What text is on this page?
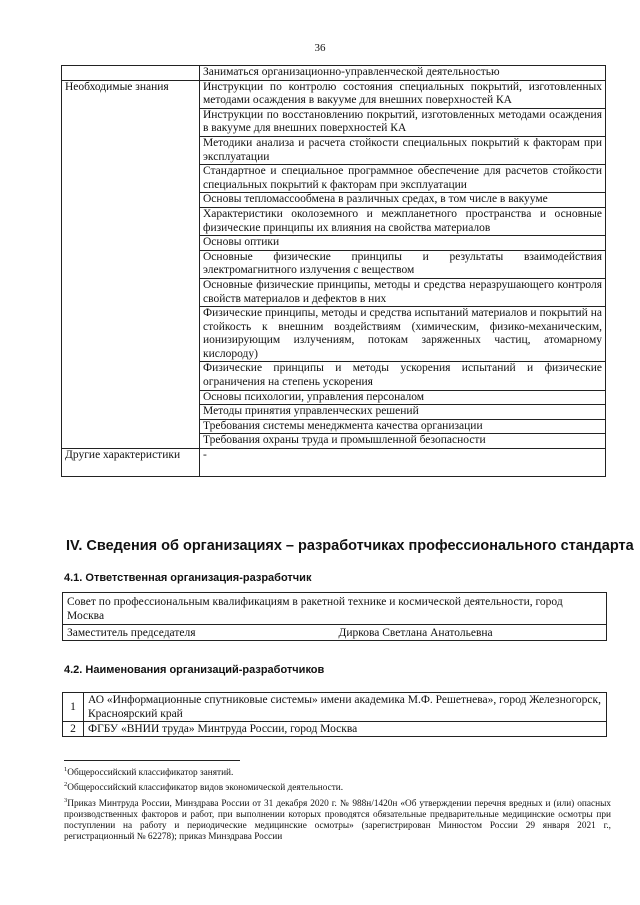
36
	Заниматься организационно-управленческой деятельностью
Необходимые знания	Инструкции по контролю состояния специальных покрытий, изготовленных методами осаждения в вакууме для внешних поверхностей КА
	Инструкции по восстановлению покрытий, изготовленных методами осаждения в вакууме для внешних поверхностей КА
	Методики анализа и расчета стойкости специальных покрытий к факторам при эксплуатации
	Стандартное и специальное программное обеспечение для расчетов стойкости специальных покрытий к факторам при эксплуатации
	Основы тепломассообмена в различных средах, в том числе в вакууме
	Характеристики околоземного и межпланетного пространства и основные физические принципы их влияния на свойства материалов
	Основы оптики
	Основные физические принципы и результаты взаимодействия электромагнитного излучения с веществом
	Основные физические принципы, методы и средства неразрушающего контроля свойств материалов и дефектов в них
	Физические принципы, методы и средства испытаний материалов и покрытий на стойкость к внешним воздействиям (химическим, физико-механическим, ионизирующим излучениям, потокам заряженных частиц, атомарному кислороду)
	Физические принципы и методы ускорения испытаний и физические ограничения на степень ускорения
	Основы психологии, управления персоналом
	Методы принятия управленческих решений
	Требования системы менеджмента качества организации
	Требования охраны труда и промышленной безопасности
Другие характеристики	-
IV. Сведения об организациях – разработчиках профессионального стандарта
4.1. Ответственная организация-разработчик
Совет по профессиональным квалификациям в ракетной технике и космической деятельности, город Москва
Заместитель председателя	Диркова Светлана Анатольевна
4.2. Наименования организаций-разработчиков
1	АО «Информационные спутниковые системы» имени академика М.Ф. Решетнева», город Железногорск, Красноярский край
2	ФГБУ «ВНИИ труда» Минтруда России, город Москва

$^1$Общероссийский классификатор занятий.

$^2$Общероссийский классификатор видов экономической деятельности.

$^3$Приказ Минтруда России, Минздрава России от 31 декабря 2020 г. № 988н/1420н «Об утверждении перечня вредных и (или) опасных производственных факторов и работ, при выполнении которых проводятся обязательные предварительные медицинские осмотры при поступлении на работу и периодические медицинские осмотры» (зарегистрирован Минюстом России 29 января 2021 г., регистрационный № 62278); приказ Минздрава России
